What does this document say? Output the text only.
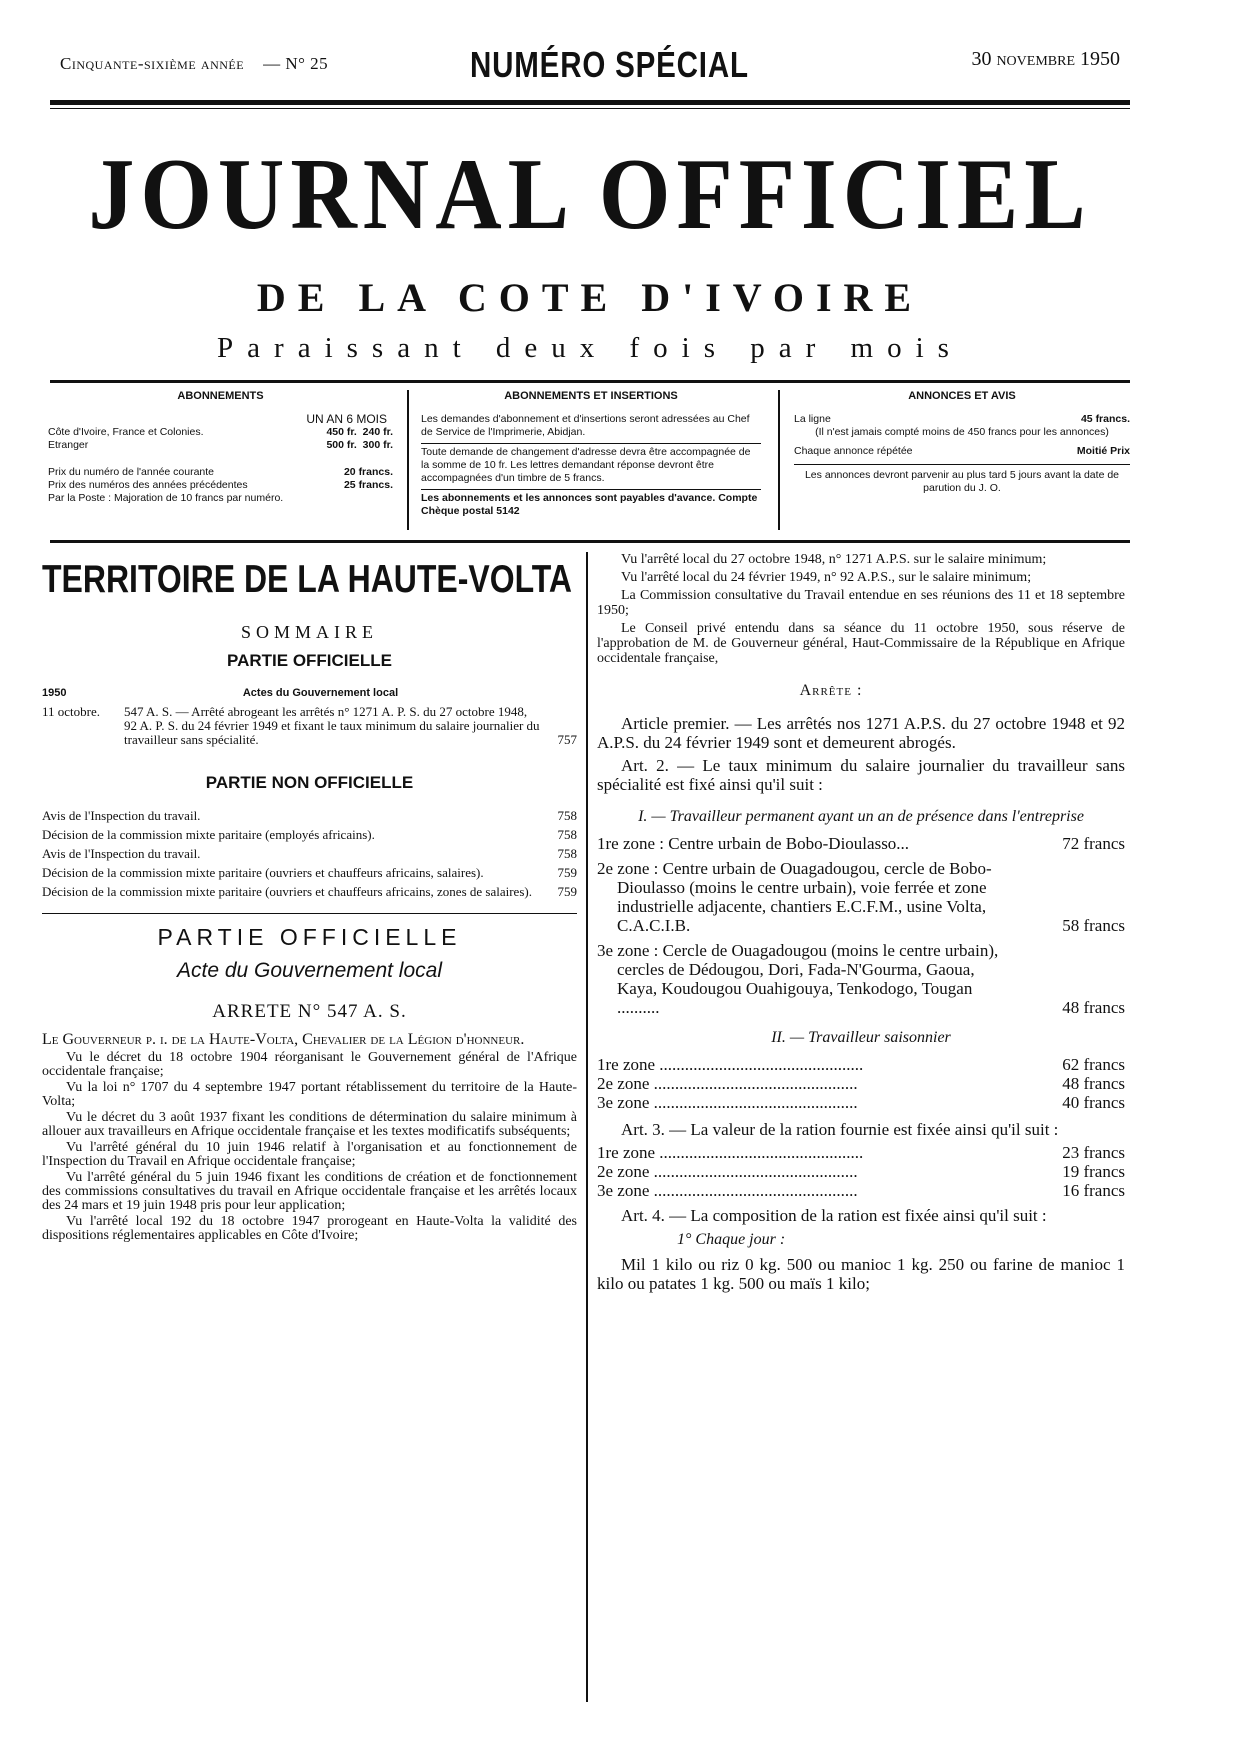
Cinquante-sixième année — N° 25	NUMÉRO SPÉCIAL	30 novembre 1950
JOURNAL OFFICIEL
DE LA COTE D'IVOIRE
Paraissant deux fois par mois
ABONNEMENTS
UN AN 6 MOIS
Côte d'Ivoire, France et Colonies.	450 fr. 240 fr.
Etranger	500 fr. 300 fr.
Prix du numéro de l'année courante	20 francs.
Prix des numéros des années précédentes	25 francs.
Par la Poste : Majoration de 10 francs par numéro.
ABONNEMENTS ET INSERTIONS
Les demandes d'abonnement et d'insertions seront adressées au Chef de Service de l'Imprimerie, Abidjan.
Toute demande de changement d'adresse devra être accompagnée de la somme de 10 fr. Les lettres demandant réponse devront être accompagnées d'un timbre de 5 francs.
Les abonnements et les annonces sont payables d'avance. Compte Chèque postal 5142
ANNONCES ET AVIS
La ligne	45 francs.
(Il n'est jamais compté moins de 450 francs pour les annonces)
Chaque annonce répétée	Moitié Prix
Les annonces devront parvenir au plus tard 5 jours avant la date de parution du J. O.
TERRITOIRE DE LA HAUTE-VOLTA
SOMMAIRE
PARTIE OFFICIELLE
1950	Actes du Gouvernement local
11 octobre.	547 A. S. — Arrêté abrogeant les arrêtés n° 1271 A. P. S. du 27 octobre 1948, 92 A. P. S. du 24 février 1949 et fixant le taux minimum du salaire journalier du travailleur sans spécialité.	757
PARTIE NON OFFICIELLE
Avis de l'Inspection du travail.	758
Décision de la commission mixte paritaire (employés africains).	758
Avis de l'Inspection du travail.	758
Décision de la commission mixte paritaire (ouvriers et chauffeurs africains, salaires).	759
Décision de la commission mixte paritaire (ouvriers et chauffeurs africains, zones de salaires).	759
PARTIE OFFICIELLE
Acte du Gouvernement local
ARRETE N° 547 A. S.
Le Gouverneur p. i. de la Haute-Volta, Chevalier de la Légion d'honneur.
Vu le décret du 18 octobre 1904 réorganisant le Gouvernement général de l'Afrique occidentale française;
Vu la loi n° 1707 du 4 septembre 1947 portant rétablissement du territoire de la Haute-Volta;
Vu le décret du 3 août 1937 fixant les conditions de détermination du salaire minimum à allouer aux travailleurs en Afrique occidentale française et les textes modificatifs subséquents;
Vu l'arrêté général du 10 juin 1946 relatif à l'organisation et au fonctionnement de l'Inspection du Travail en Afrique occidentale française;
Vu l'arrêté général du 5 juin 1946 fixant les conditions de création et de fonctionnement des commissions consultatives du travail en Afrique occidentale française et les arrêtés locaux des 24 mars et 19 juin 1948 pris pour leur application;
Vu l'arrêté local 192 du 18 octobre 1947 prorogeant en Haute-Volta la validité des dispositions réglementaires applicables en Côte d'Ivoire;
Vu l'arrêté local du 27 octobre 1948, n° 1271 A.P.S. sur le salaire minimum;
Vu l'arrêté local du 24 février 1949, n° 92 A.P.S., sur le salaire minimum;
La Commission consultative du Travail entendue en ses réunions des 11 et 18 septembre 1950;
Le Conseil privé entendu dans sa séance du 11 octobre 1950, sous réserve de l'approbation de M. de Gouverneur général, Haut-Commissaire de la République en Afrique occidentale française,
Arrête :
Article premier. — Les arrêtés nos 1271 A.P.S. du 27 octobre 1948 et 92 A.P.S. du 24 février 1949 sont et demeurent abrogés.
Art. 2. — Le taux minimum du salaire journalier du travailleur sans spécialité est fixé ainsi qu'il suit :
I. — Travailleur permanent ayant un an de présence dans l'entreprise
1re zone : Centre urbain de Bobo-Dioulasso...	72 francs
2e zone : Centre urbain de Ouagadougou, cercle de Bobo-Dioulasso (moins le centre urbain), voie ferrée et zone industrielle adjacente, chantiers E.C.F.M., usine Volta, C.A.C.I.B.	58 francs
3e zone : Cercle de Ouagadougou (moins le centre urbain), cercles de Dédougou, Dori, Fada-N'Gourma, Gaoua, Kaya, Koudougou Ouahigouya, Tenkodogo, Tougan ..........	48 francs
II. — Travailleur saisonnier
1re zone ................................................	62 francs
2e zone ................................................	48 francs
3e zone ................................................	40 francs
Art. 3. — La valeur de la ration fournie est fixée ainsi qu'il suit :
1re zone ................................................	23 francs
2e zone ................................................	19 francs
3e zone ................................................	16 francs
Art. 4. — La composition de la ration est fixée ainsi qu'il suit :
1° Chaque jour :
Mil 1 kilo ou riz 0 kg. 500 ou manioc 1 kg. 250 ou farine de manioc 1 kilo ou patates 1 kg. 500 ou maïs 1 kilo;
